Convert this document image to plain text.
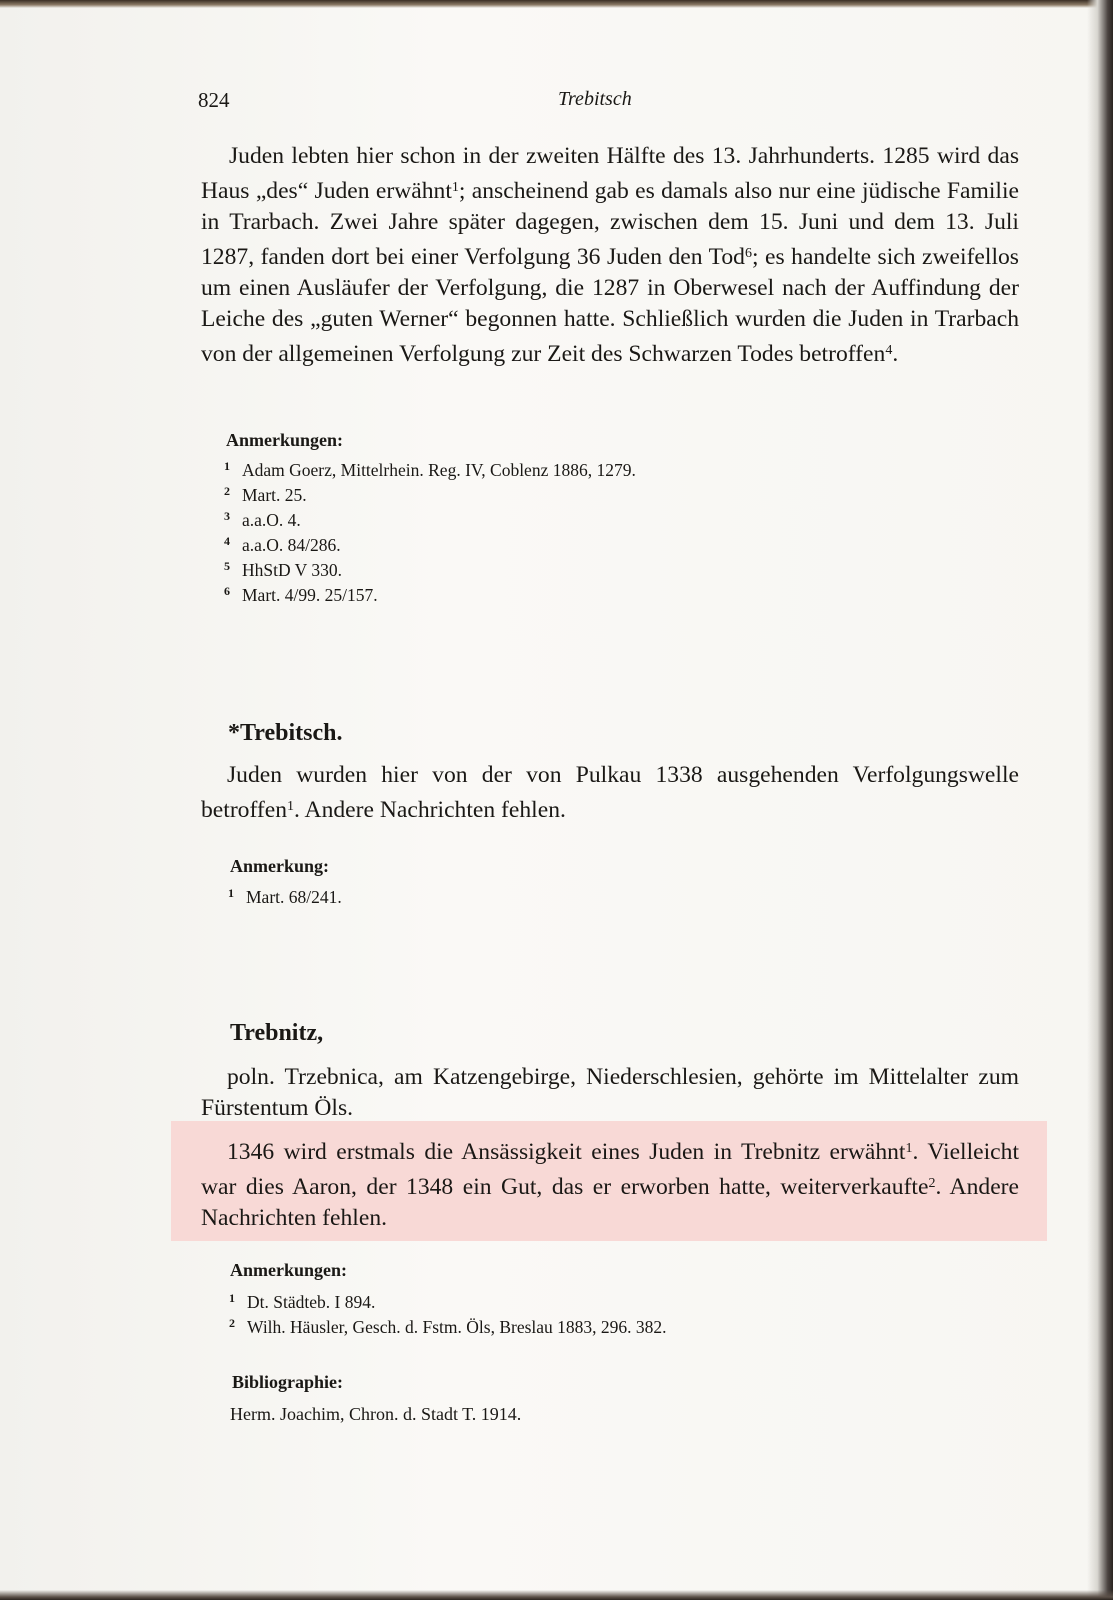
824	Trebitsch
Juden lebten hier schon in der zweiten Hälfte des 13. Jahrhunderts. 1285 wird das Haus „des“ Juden erwähnt$^1$; anscheinend gab es damals also nur eine jüdische Familie in Trarbach. Zwei Jahre später dagegen, zwischen dem 15. Juni und dem 13. Juli 1287, fanden dort bei einer Verfolgung 36 Juden den Tod$^6$; es handelte sich zweifellos um einen Ausläufer der Verfolgung, die 1287 in Oberwesel nach der Auffindung der Leiche des „guten Werner“ begonnen hatte. Schließlich wurden die Juden in Trarbach von der allgemeinen Verfolgung zur Zeit des Schwarzen Todes betroffen$^4$.
Anmerkungen:
1 Adam Goerz, Mittelrhein. Reg. IV, Coblenz 1886, 1279.
2 Mart. 25.
3 a.a.O. 4.
4 a.a.O. 84/286.
5 HhStD V 330.
6 Mart. 4/99. 25/157.
*Trebitsch.
Juden wurden hier von der von Pulkau 1338 ausgehenden Verfolgungswelle betroffen$^1$. Andere Nachrichten fehlen.
Anmerkung:
1 Mart. 68/241.
Trebnitz,
poln. Trzebnica, am Katzengebirge, Niederschlesien, gehörte im Mittelalter zum Fürstentum Öls.
1346 wird erstmals die Ansässigkeit eines Juden in Trebnitz erwähnt$^1$. Vielleicht war dies Aaron, der 1348 ein Gut, das er erworben hatte, weiterverkaufte$^2$. Andere Nachrichten fehlen.
Anmerkungen:
1 Dt. Städteb. I 894.
2 Wilh. Häusler, Gesch. d. Fstm. Öls, Breslau 1883, 296. 382.
Bibliographie:
Herm. Joachim, Chron. d. Stadt T. 1914.
